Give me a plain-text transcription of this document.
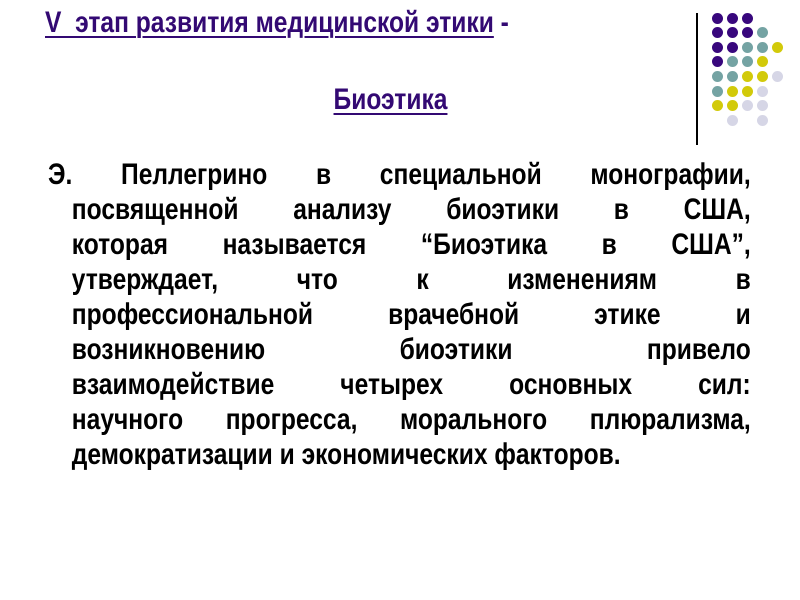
V  этап развития медицинской этики -
Биоэтика
Э. Пеллегрино в специальной монографии,
посвященной анализу биоэтики в США,
которая называется “Биоэтика в США”,
утверждает, что к изменениям в
профессиональной врачебной этике и
возникновению биоэтики привело
взаимодействие четырех основных сил:
научного прогресса, морального плюрализма,
демократизации и экономических факторов.
